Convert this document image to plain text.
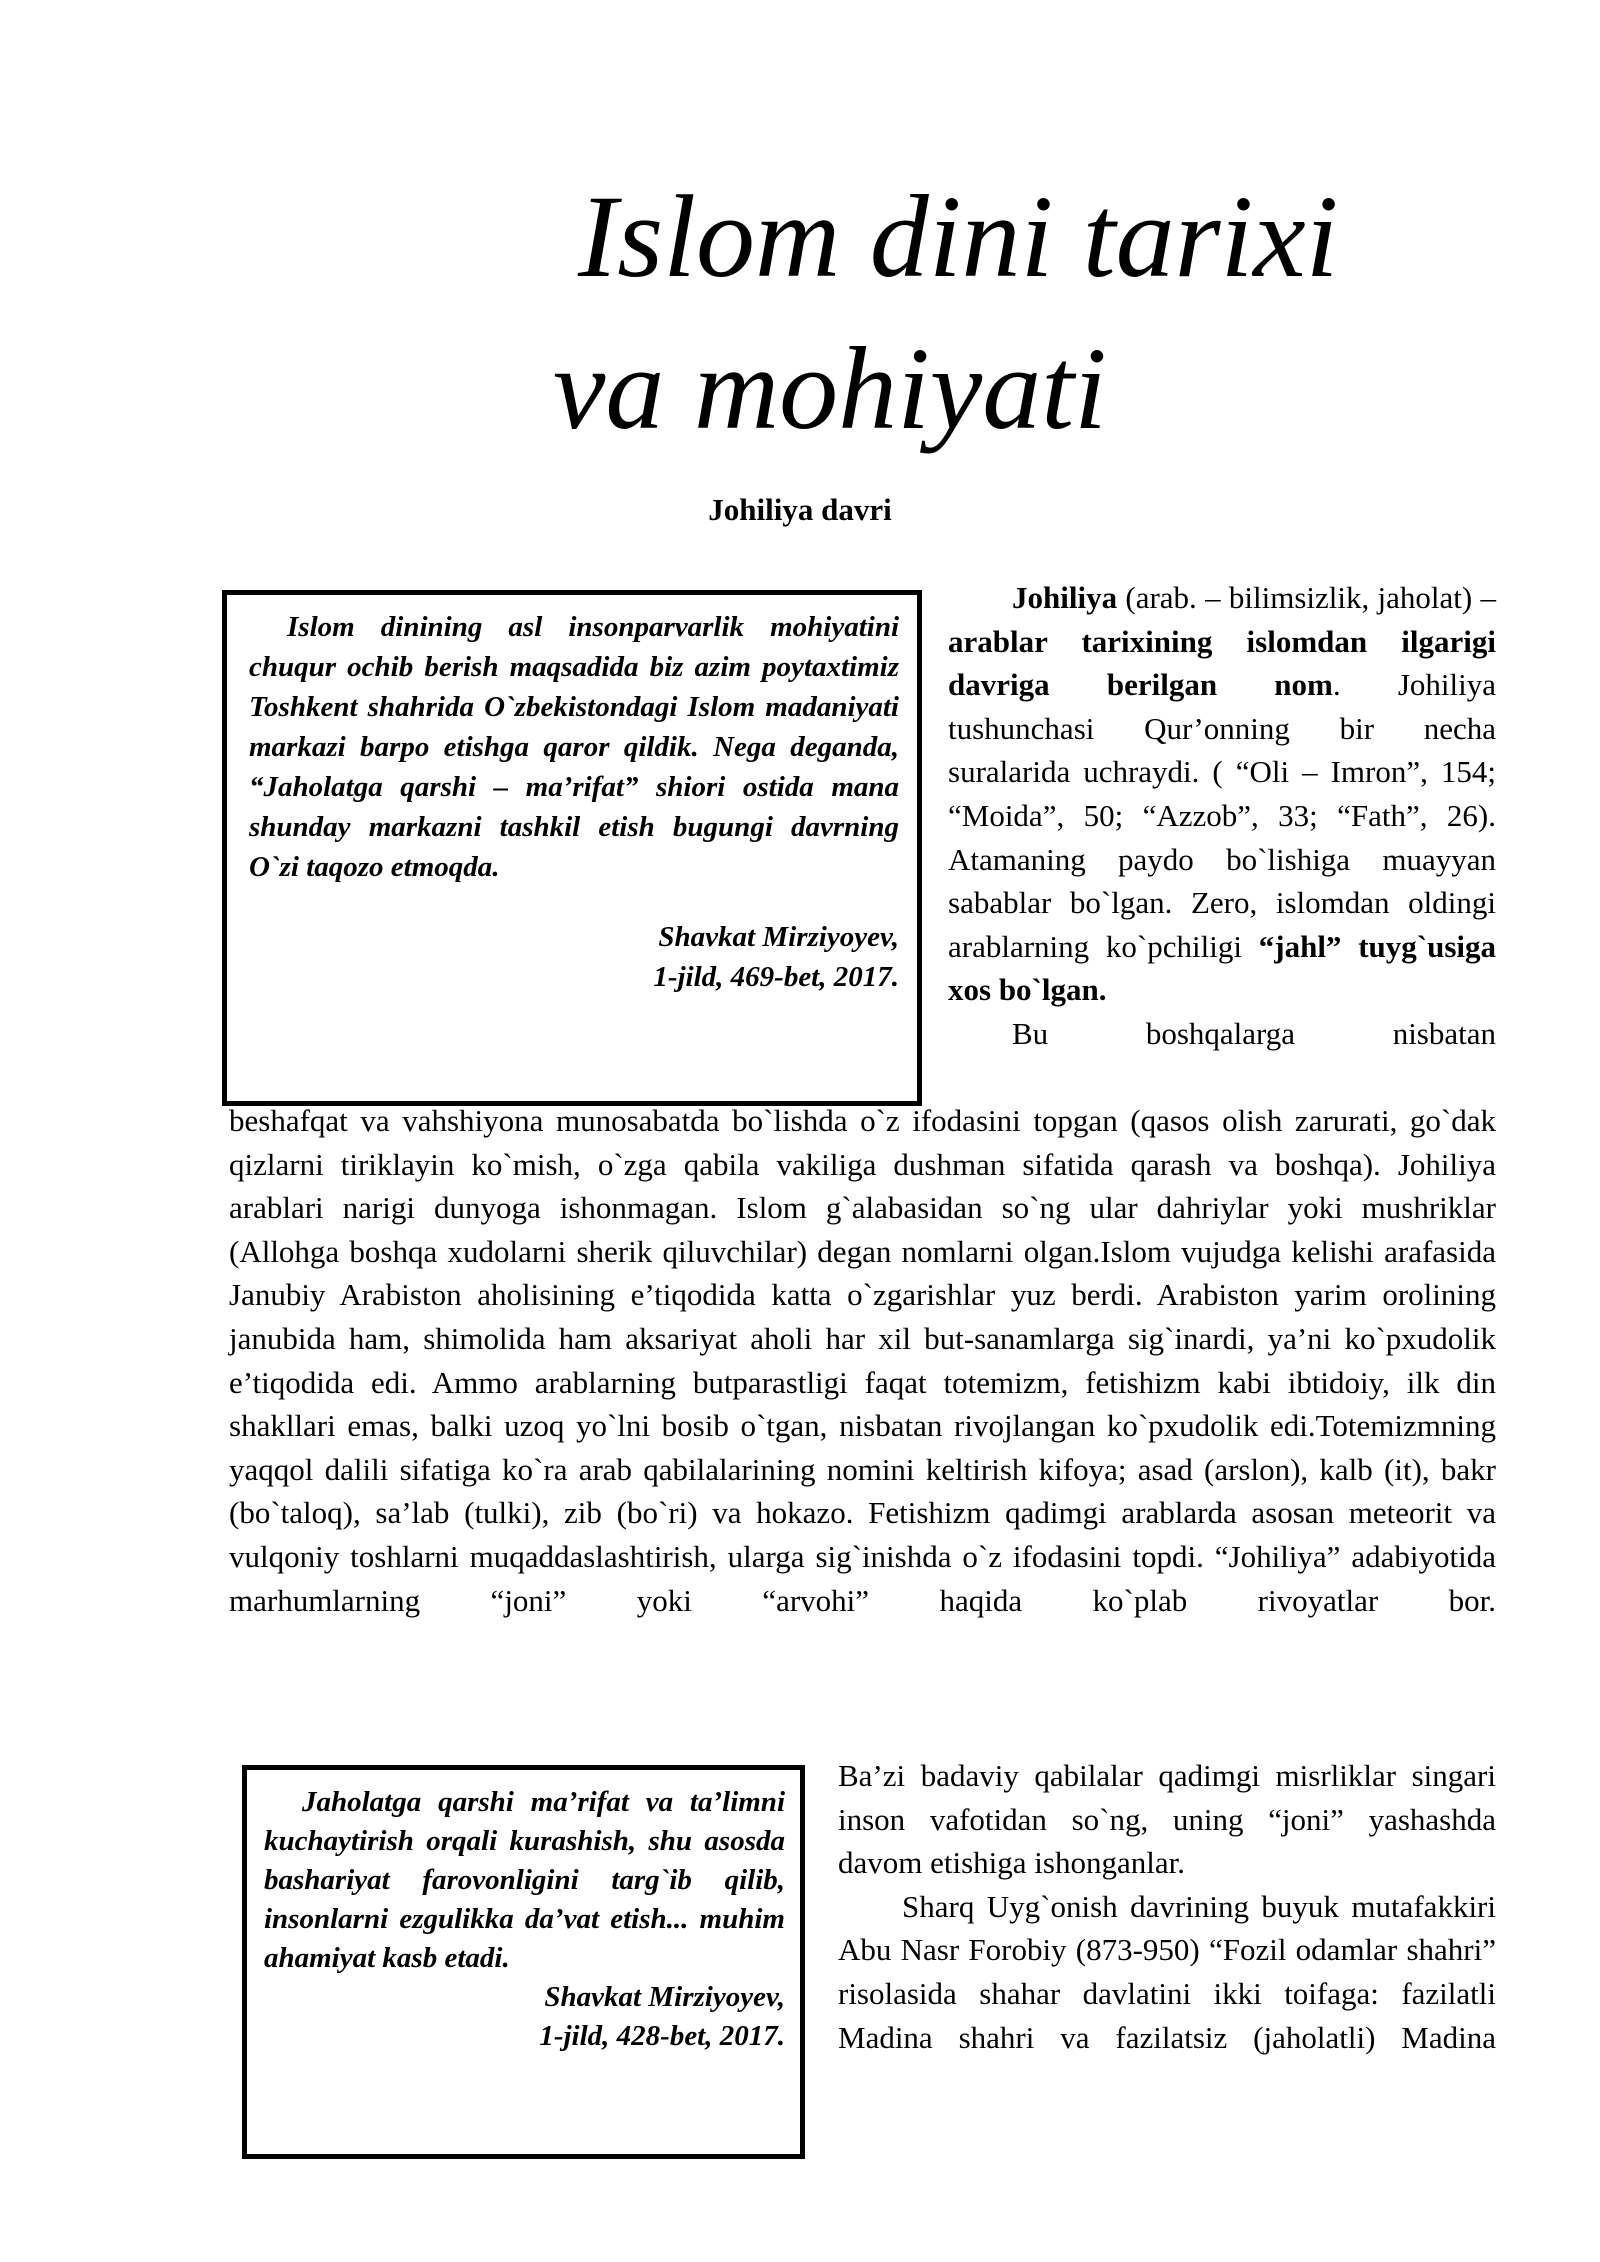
Islom dini tarixi
va mohiyati
Johiliya davri

Islom dinining asl insonparvarlik mohiyatini chuqur ochib berish maqsadida biz azim poytaxtimiz Toshkent shahrida O`zbekistondagi Islom madaniyati markazi barpo etishga qaror qildik. Nega deganda, “Jaholatga qarshi – ma’rifat” shiori ostida mana shunday markazni tashkil etish bugungi davrning O`zi taqozo etmoqda.

Shavkat Mirziyoyev,

1-jild, 469-bet, 2017.

Johiliya (arab. – bilimsizlik, jaholat) – arablar tarixining islomdan ilgarigi davriga berilgan nom. Johiliya tushunchasi Qur’onning bir necha suralarida uchraydi. ( “Oli – Imron”, 154; “Moida”, 50; “Azzob”, 33; “Fath”, 26). Atamaning paydo bo`lishiga muayyan sabablar bo`lgan. Zero, islomdan oldingi arablarning ko`pchiligi “jahl” tuyg`usiga xos bo`lgan.
Bu boshqalarga nisbatan
beshafqat va vahshiyona munosabatda bo`lishda o`z ifodasini topgan (qasos olish zarurati, go`dak qizlarni tiriklayin ko`mish, o`zga qabila vakiliga dushman sifatida qarash va boshqa). Johiliya arablari narigi dunyoga ishonmagan. Islom g`alabasidan so`ng ular dahriylar yoki mushriklar (Allohga boshqa xudolarni sherik qiluvchilar) degan nomlarni olgan.Islom vujudga kelishi arafasida Janubiy Arabiston aholisining e’tiqodida katta o`zgarishlar yuz berdi. Arabiston yarim orolining janubida ham, shimolida ham aksariyat aholi har xil but-sanamlarga sig`inardi, ya’ni ko`pxudolik e’tiqodida edi. Ammo arablarning butparastligi faqat totemizm, fetishizm kabi ibtidoiy, ilk din shakllari emas, balki uzoq yo`lni bosib o`tgan, nisbatan rivojlangan ko`pxudolik edi.Totemizmning yaqqol dalili sifatiga ko`ra arab qabilalarining nomini keltirish kifoya; asad (arslon), kalb (it), bakr (bo`taloq), sa’lab (tulki), zib (bo`ri) va hokazo. Fetishizm qadimgi arablarda asosan meteorit va vulqoniy toshlarni muqaddaslashtirish, ularga sig`inishda o`z ifodasini topdi. “Johiliya” adabiyotida marhumlarning “joni” yoki “arvohi” haqida ko`plab rivoyatlar bor.

Jaholatga qarshi ma’rifat va ta’limni kuchaytirish orqali kurashish, shu asosda bashariyat farovonligini targ`ib qilib, insonlarni ezgulikka da’vat etish... muhim ahamiyat kasb etadi.

Shavkat Mirziyoyev,

1-jild, 428-bet, 2017.

Ba’zi badaviy qabilalar qadimgi misrliklar singari inson vafotidan so`ng, uning “joni” yashashda davom etishiga ishonganlar.
Sharq Uyg`onish davrining buyuk mutafakkiri Abu Nasr Forobiy (873-950) “Fozil odamlar shahri” risolasida shahar davlatini ikki toifaga: fazilatli Madina shahri va fazilatsiz (jaholatli) Madina
